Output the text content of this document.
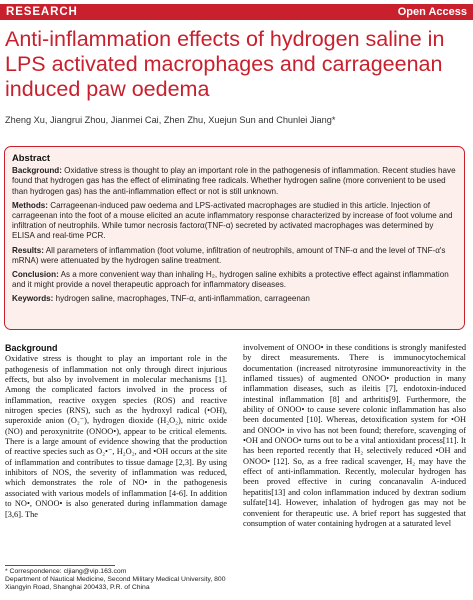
RESEARCH	Open Access
Anti-inflammation effects of hydrogen saline in LPS activated macrophages and carrageenan induced paw oedema
Zheng Xu, Jiangrui Zhou, Jianmei Cai, Zhen Zhu, Xuejun Sun and Chunlei Jiang*
Abstract

Background: Oxidative stress is thought to play an important role in the pathogenesis of inflammation. Recent studies have found that hydrogen gas has the effect of eliminating free radicals. Whether hydrogen saline (more convenient to be used than hydrogen gas) has the anti-inflammation effect or not is still unknown.

Methods: Carrageenan-induced paw oedema and LPS-activated macrophages are studied in this article. Injection of carrageenan into the foot of a mouse elicited an acute inflammatory response characterized by increase of foot volume and infiltration of neutrophils. While tumor necrosis factorα(TNF-α) secreted by activated macrophages was determined by ELISA and real-time PCR.

Results: All parameters of inflammation (foot volume, infiltration of neutrophils, amount of TNF-α and the level of TNF-α's mRNA) were attenuated by the hydrogen saline treatment.

Conclusion: As a more convenient way than inhaling H₂, hydrogen saline exhibits a protective effect against inflammation and it might provide a novel therapeutic approach for inflammatory diseases.

Keywords: hydrogen saline, macrophages, TNF-α, anti-inflammation, carrageenan

Background
Oxidative stress is thought to play an important role in the pathogenesis of inflammation not only through direct injurious effects, but also by involvement in molecular mechanisms [1]. Among the complicated factors involved in the process of inflammation, reactive oxygen species (ROS) and reactive nitrogen species (RNS), such as the hydroxyl radical (•OH), superoxide anion (O₂⁻), hydrogen dioxide (H₂O₂), nitric oxide (NO) and peroxynitrite (ONOO•), appear to be critical elements. There is a large amount of evidence showing that the production of reactive species such as O₂•⁻, H₂O₂, and •OH occurs at the site of inflammation and contributes to tissue damage [2,3]. By using inhibitors of NOS, the severity of inflammation was reduced, which demonstrates the role of NO• in the pathogenesis associated with various models of inflammation [4-6]. In addition to NO•, ONOO• is also generated during inflammation damage [3,6]. The
involvement of ONOO• in these conditions is strongly manifested by direct measurements. There is immunocytochemical documentation (increased nitrotyrosine immunoreactivity in the inflamed tissues) of augmented ONOO• production in many inflammation diseases, such as ileitis [7], endotoxin-induced intestinal inflammation [8] and arthritis[9]. Furthermore, the ability of ONOO• to cause severe colonic inflammation has also been documented [10]. Whereas, detoxification system for •OH and ONOO• in vivo has not been found; therefore, scavenging of •OH and ONOO• turns out to be a vital antioxidant process[11]. It has been reported recently that H₂ selectively reduced •OH and ONOO• [12]. So, as a free radical scavenger, H₂ may have the effect of anti-inflammation. Recently, molecular hydrogen has been proved effective in curing concanavalin A-induced hepatitis[13] and colon inflammation induced by dextran sodium sulfate[14]. However, inhalation of hydrogen gas may not be convenient for therapeutic use. A brief report has suggested that consumption of water containing hydrogen at a saturated level
* Correspondence: cljiang@vip.163.com
Department of Nautical Medicine, Second Military Medical University, 800 Xiangyin Road, Shanghai 200433, P.R. of China
